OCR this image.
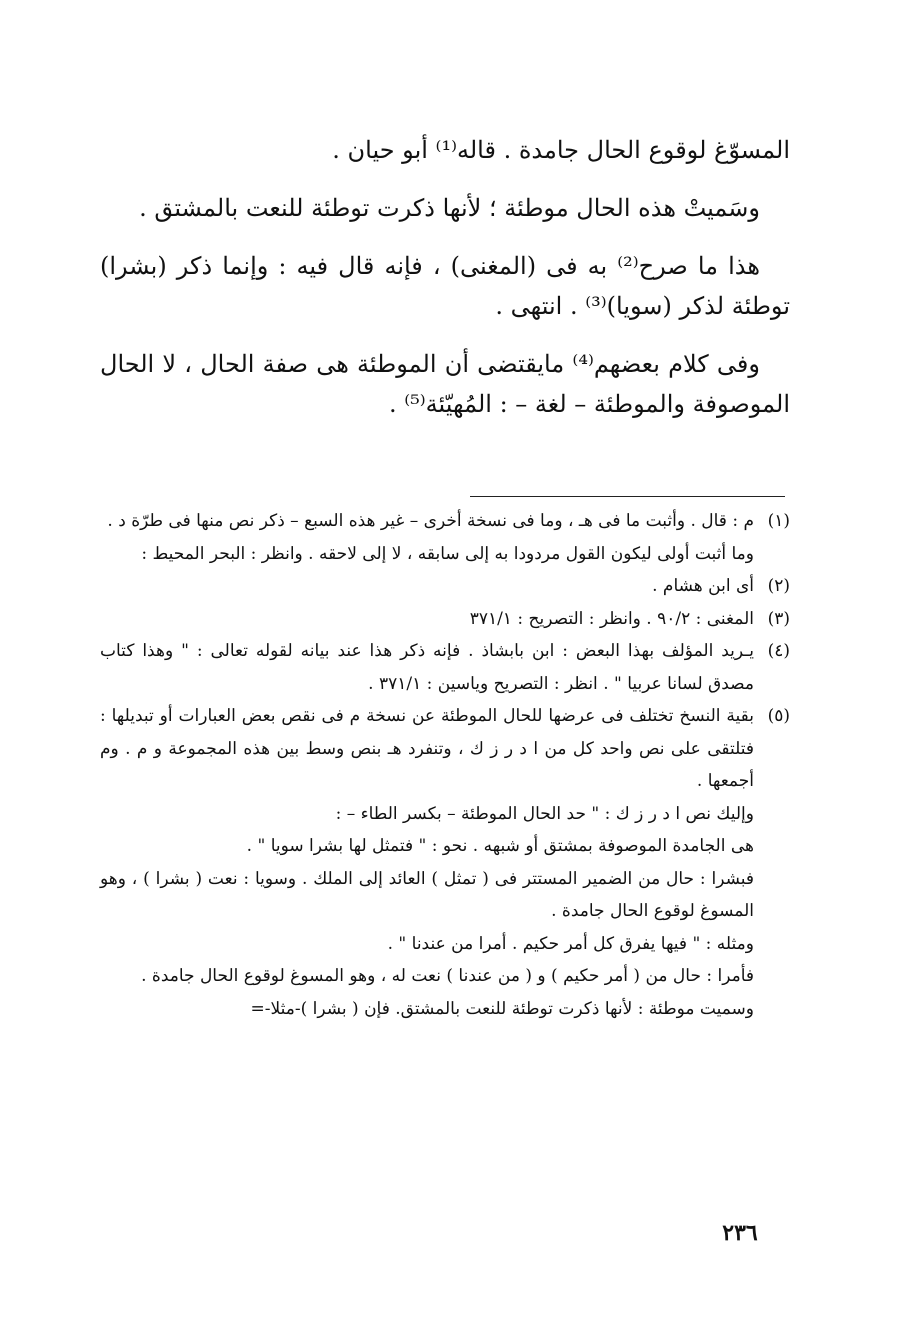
المسوّغ لوقوع الحال جامدة . قاله⁽¹⁾ أبو حيان .

وسَميتْ هذه الحال موطئة ؛ لأنها ذكرت توطئة للنعت بالمشتق .

هذا ما صرح⁽²⁾ به فى (المغنى) ، فإنه قال فيه : وإنما ذكر (بشرا) توطئة لذكر (سويا)⁽³⁾ . انتهى .

وفى كلام بعضهم⁽⁴⁾ مايقتضى أن الموطئة هى صفة الحال ، لا الحال الموصوفة والموطئة – لغة – : المُهيّئة⁽⁵⁾ .

(١)
م : قال . وأثبت ما فى هـ ، وما فى نسخة أخرى – غير هذه السبع – ذكر نص منها فى طرّة د .
وما أثبت أولى ليكون القول مردودا به إلى سابقه ، لا إلى لاحقه . وانظر : البحر المحيط :
(٢)
أى ابن هشام .
(٣)
المغنى : ٩٠/٢ . وانظر : التصريح : ٣٧١/١
(٤)
يـريد المؤلف بهذا البعض : ابن بابشاذ . فإنه ذكر هذا عند بيانه لقوله تعالى : " وهذا كتاب مصدق لسانا عربيا " . انظر : التصريح وياسين : ٣٧١/١ .
(٥)
بقية النسخ تختلف فى عرضها للحال الموطئة عن نسخة م فى نقص بعض العبارات أو تبديلها : فتلتقى على نص واحد كل من ا د ر ز ك ، وتنفرد هـ بنص وسط بين هذه المجموعة و م . وم أجمعها .
وإليك نص ا د ر ز ك : " حد الحال الموطئة – بكسر الطاء – :
هى الجامدة الموصوفة بمشتق أو شبهه . نحو : " فتمثل لها بشرا سويا " .
فبشرا : حال من الضمير المستتر فى ( تمثل ) العائد إلى الملك . وسويا : نعت ( بشرا ) ، وهو المسوغ لوقوع الحال جامدة .
ومثله : " فيها يفرق كل أمر حكيم . أمرا من عندنا " .
فأمرا : حال من ( أمر حكيم ) و ( من عندنا ) نعت له ، وهو المسوغ لوقوع الحال جامدة .
وسميت موطئة : لأنها ذكرت توطئة للنعت بالمشتق. فإن ( بشرا )-مثلا-=
٢٣٦
